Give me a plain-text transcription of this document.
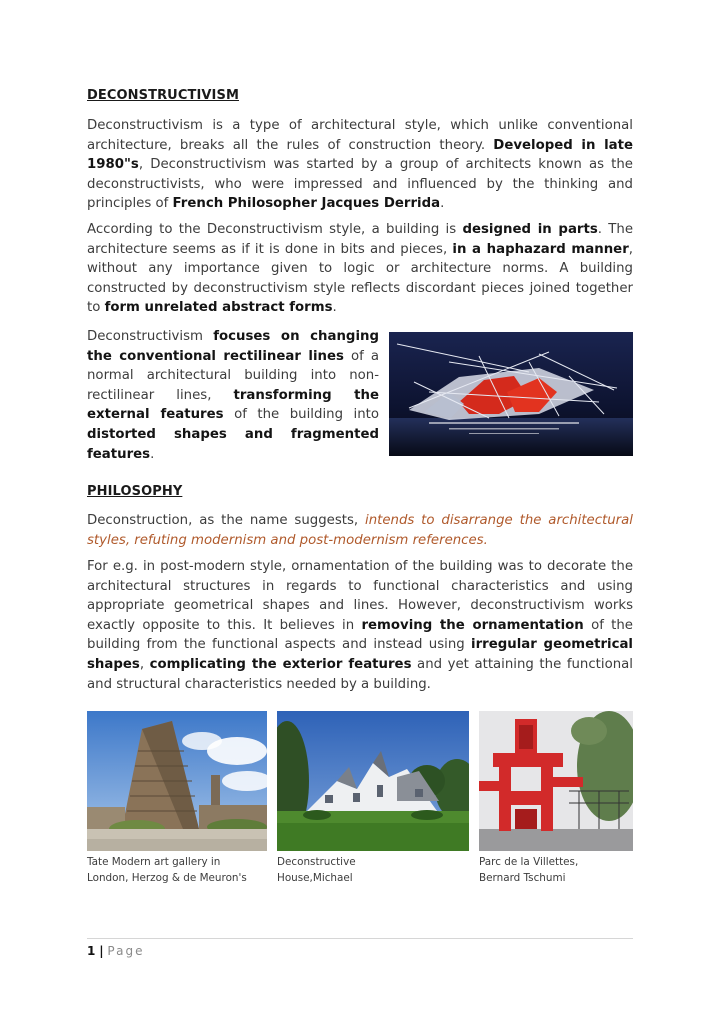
DECONSTRUCTIVISM
Deconstructivism is a type of architectural style, which unlike conventional architecture, breaks all the rules of construction theory. Developed in late 1980"s, Deconstructivism was started by a group of architects known as the deconstructivists, who were impressed and influenced by the thinking and principles of French Philosopher Jacques Derrida.
According to the Deconstructivism style, a building is designed in parts. The architecture seems as if it is done in bits and pieces, in a haphazard manner, without any importance given to logic or architecture norms. A building constructed by deconstructivism style reflects discordant pieces joined together to form unrelated abstract forms.
Deconstructivism focuses on changing the conventional rectilinear lines of a normal architectural building into non-rectilinear lines, transforming the external features of the building into distorted shapes and fragmented features.
PHILOSOPHY
Deconstruction, as the name suggests, intends to disarrange the architectural styles, refuting modernism and post-modernism references.
For e.g. in post-modern style, ornamentation of the building was to decorate the architectural structures in regards to functional characteristics and using appropriate geometrical shapes and lines. However, deconstructivism works exactly opposite to this. It believes in removing the ornamentation of the building from the functional aspects and instead using irregular geometrical shapes, complicating the exterior features and yet attaining the functional and structural characteristics needed by a building.
Tate Modern art gallery in
London, Herzog & de Meuron's
Deconstructive
House,Michael
Parc de la Villettes,
Bernard Tschumi
1 | Page
